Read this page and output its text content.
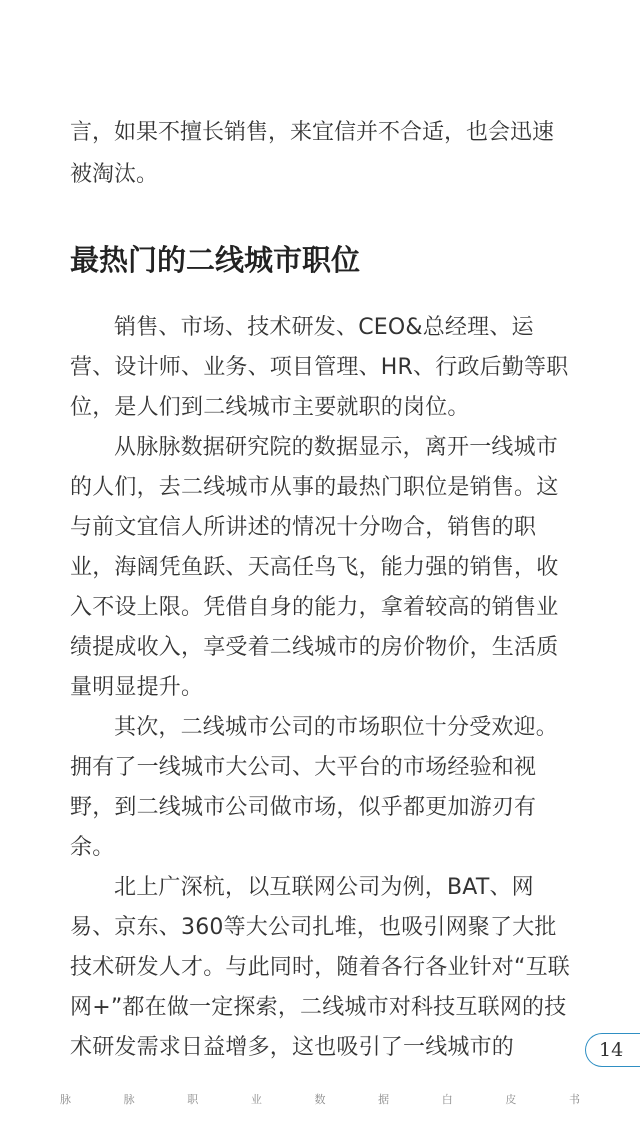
言，如果不擅长销售，来宜信并不合适，也会迅速被淘汰。

最热门的二线城市职位

销售、市场、技术研发、CEO&总经理、运营、设计师、业务、项目管理、HR、行政后勤等职位，是人们到二线城市主要就职的岗位。

从脉脉数据研究院的数据显示，离开一线城市的人们，去二线城市从事的最热门职位是销售。这与前文宜信人所讲述的情况十分吻合，销售的职业，海阔凭鱼跃、天高任鸟飞，能力强的销售，收入不设上限。凭借自身的能力，拿着较高的销售业绩提成收入，享受着二线城市的房价物价，生活质量明显提升。

其次，二线城市公司的市场职位十分受欢迎。拥有了一线城市大公司、大平台的市场经验和视野，到二线城市公司做市场，似乎都更加游刃有余。

北上广深杭，以互联网公司为例，BAT、网易、京东、360等大公司扎堆，也吸引网聚了大批技术研发人才。与此同时，随着各行各业针对“互联网+”都在做一定探索，二线城市对科技互联网的技术研发需求日益增多，这也吸引了一线城市的	14
脉	脉	职	业	数	据	白	皮	书
